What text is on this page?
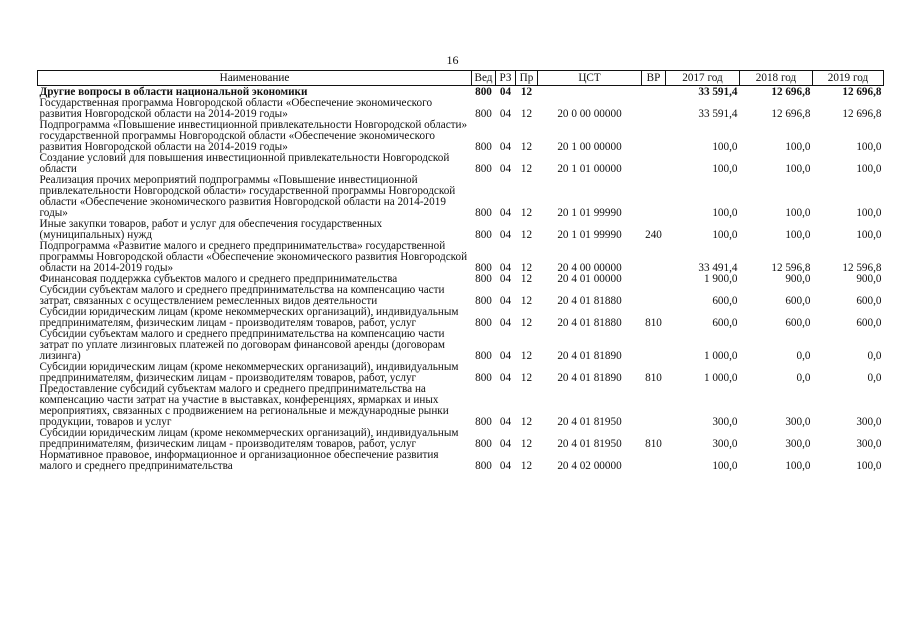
16
Наименование	Вед	РЗ	Пр	ЦСТ	ВР	2017 год	2018 год	2019 год
Другие вопросы в области национальной экономики	800	04	12			33 591,4	12 696,8	12 696,8
Государственная программа Новгородской области «Обеспечение экономического развития Новгородской области на 2014-2019 годы»	800	04	12	20 0 00 00000		33 591,4	12 696,8	12 696,8
Подпрограмма «Повышение инвестиционной привлекательности Новгородской области» государственной программы Новгородской области «Обеспечение экономического развития Новгородской области на 2014-2019 годы»	800	04	12	20 1 00 00000		100,0	100,0	100,0
Создание условий для повышения инвестиционной привлекательности Новгородской области	800	04	12	20 1 01 00000		100,0	100,0	100,0
Реализация прочих мероприятий подпрограммы «Повышение инвестиционной привлекательности Новгородской области» государственной программы Новгородской области «Обеспечение экономического развития Новгородской области на 2014-2019 годы»	800	04	12	20 1 01 99990		100,0	100,0	100,0
Иные закупки товаров, работ и услуг для обеспечения государственных (муниципальных) нужд	800	04	12	20 1 01 99990	240	100,0	100,0	100,0
Подпрограмма «Развитие малого и среднего предпринимательства» государственной программы Новгородской области «Обеспечение экономического развития Новгородской области на 2014-2019 годы»	800	04	12	20 4 00 00000		33 491,4	12 596,8	12 596,8
Финансовая поддержка субъектов малого и среднего предпринимательства	800	04	12	20 4 01 00000		1 900,0	900,0	900,0
Субсидии субъектам малого и среднего предпринимательства на компенсацию части затрат, связанных с осуществлением ремесленных видов деятельности	800	04	12	20 4 01 81880		600,0	600,0	600,0
Субсидии юридическим лицам (кроме некоммерческих организаций), индивидуальным предпринимателям, физическим лицам - производителям товаров, работ, услуг	800	04	12	20 4 01 81880	810	600,0	600,0	600,0
Субсидии субъектам малого и среднего предпринимательства на компенсацию части затрат по уплате лизинговых платежей по договорам финансовой аренды (договорам лизинга)	800	04	12	20 4 01 81890		1 000,0	0,0	0,0
Субсидии юридическим лицам (кроме некоммерческих организаций), индивидуальным предпринимателям, физическим лицам - производителям товаров, работ, услуг	800	04	12	20 4 01 81890	810	1 000,0	0,0	0,0
Предоставление субсидий субъектам малого и среднего предпринимательства на компенсацию части затрат на участие в выставках, конференциях, ярмарках и иных мероприятиях, связанных с продвижением на региональные и международные рынки продукции, товаров и услуг	800	04	12	20 4 01 81950		300,0	300,0	300,0
Субсидии юридическим лицам (кроме некоммерческих организаций), индивидуальным предпринимателям, физическим лицам - производителям товаров, работ, услуг	800	04	12	20 4 01 81950	810	300,0	300,0	300,0
Нормативное правовое, информационное и организационное обеспечение развития малого и среднего предпринимательства	800	04	12	20 4 02 00000		100,0	100,0	100,0
